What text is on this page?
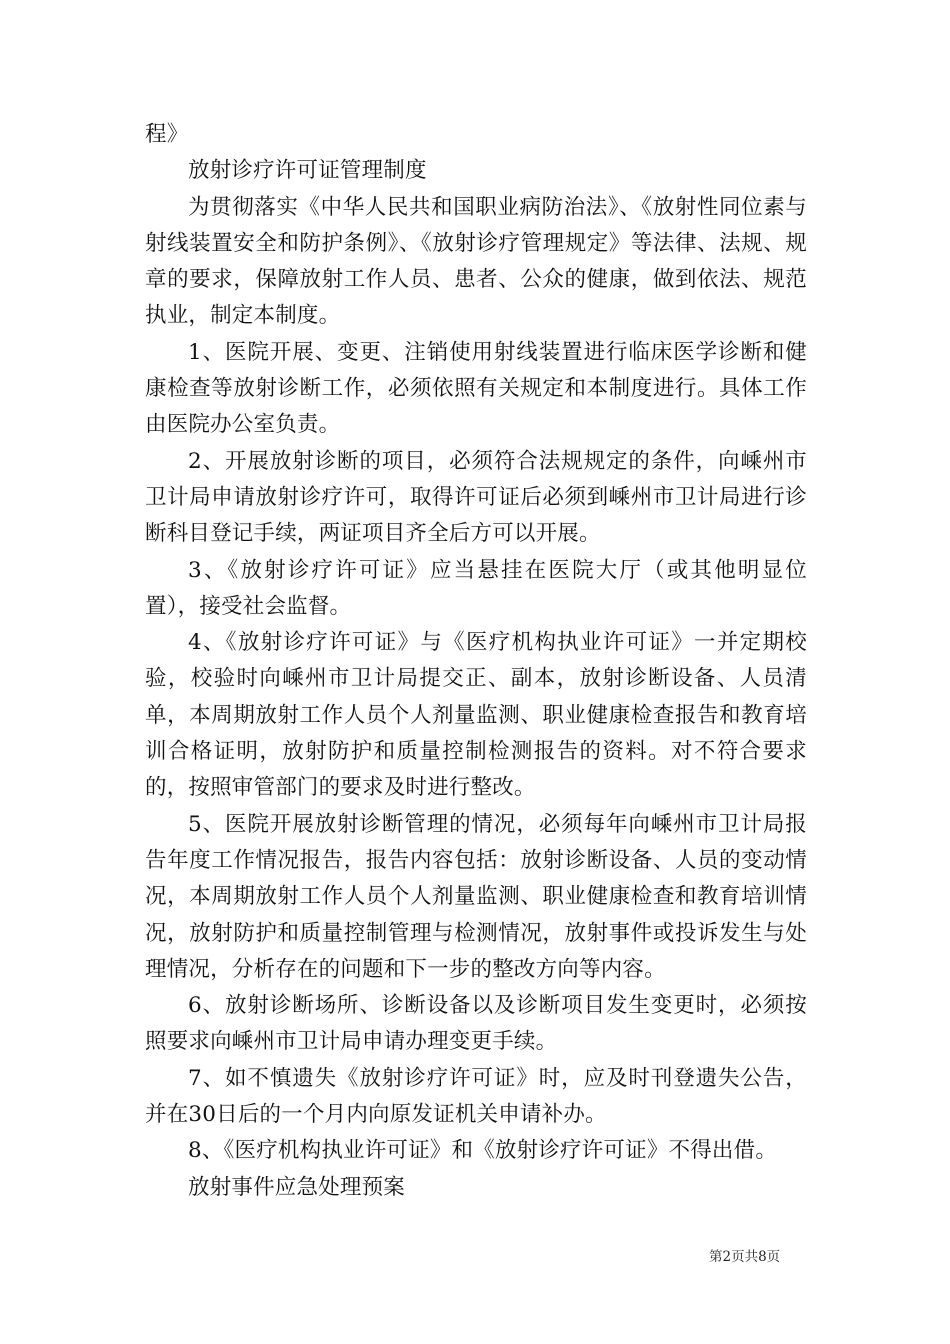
程》

放射诊疗许可证管理制度

为贯彻落实《中华人民共和国职业病防治法》、《放射性同位素与射线装置安全和防护条例》、《放射诊疗管理规定》等法律、法规、规章的要求，保障放射工作人员、患者、公众的健康，做到依法、规范执业，制定本制度。

1、医院开展、变更、注销使用射线装置进行临床医学诊断和健康检查等放射诊断工作，必须依照有关规定和本制度进行。具体工作由医院办公室负责。

2、开展放射诊断的项目，必须符合法规规定的条件，向嵊州市卫计局申请放射诊疗许可，取得许可证后必须到嵊州市卫计局进行诊断科目登记手续，两证项目齐全后方可以开展。

3、《放射诊疗许可证》应当悬挂在医院大厅（或其他明显位置），接受社会监督。

4、《放射诊疗许可证》与《医疗机构执业许可证》一并定期校验，校验时向嵊州市卫计局提交正、副本，放射诊断设备、人员清单，本周期放射工作人员个人剂量监测、职业健康检查报告和教育培训合格证明，放射防护和质量控制检测报告的资料。对不符合要求的，按照审管部门的要求及时进行整改。

5、医院开展放射诊断管理的情况，必须每年向嵊州市卫计局报告年度工作情况报告，报告内容包括：放射诊断设备、人员的变动情况，本周期放射工作人员个人剂量监测、职业健康检查和教育培训情况，放射防护和质量控制管理与检测情况，放射事件或投诉发生与处理情况，分析存在的问题和下一步的整改方向等内容。

6、放射诊断场所、诊断设备以及诊断项目发生变更时，必须按照要求向嵊州市卫计局申请办理变更手续。

7、如不慎遗失《放射诊疗许可证》时，应及时刊登遗失公告，并在30日后的一个月内向原发证机关申请补办。

8、《医疗机构执业许可证》和《放射诊疗许可证》不得出借。

放射事件应急处理预案

第2页共8页
